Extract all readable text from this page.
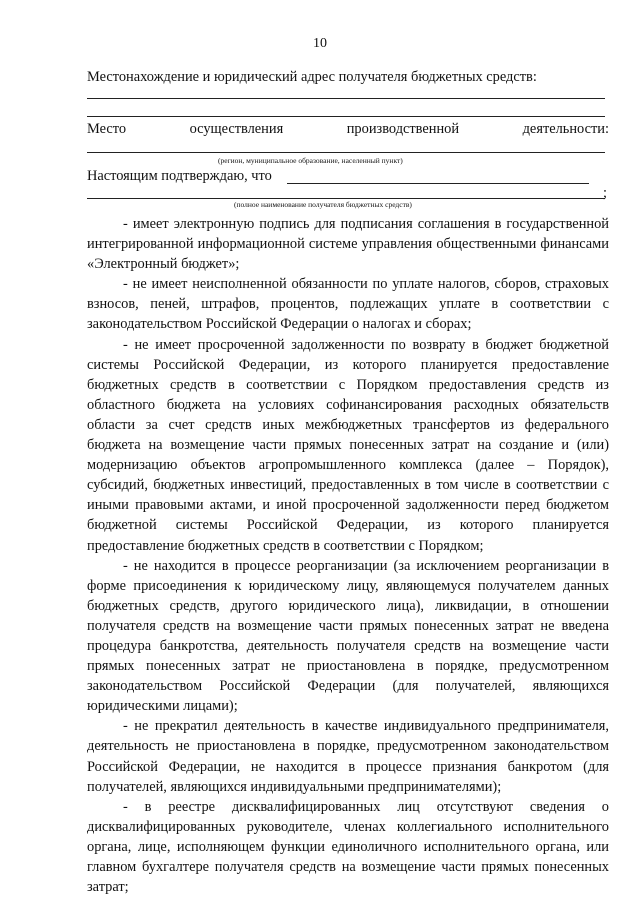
10
Местонахождение и юридический адрес получателя бюджетных средств:
Место	осуществления	производственной	деятельности:
(регион, муниципальное образование, населенный пункт)
Настоящим подтверждаю, что
;
(полное наименование получателя бюджетных средств)

- имеет электронную подпись для подписания соглашения в государственной интегрированной информационной системе управления общественными финансами «Электронный бюджет»;

- не имеет неисполненной обязанности по уплате налогов, сборов, страховых взносов, пеней, штрафов, процентов, подлежащих уплате в соответствии с законодательством Российской Федерации о налогах и сборах;

- не имеет просроченной задолженности по возврату в бюджет бюджетной системы Российской Федерации, из которого планируется предоставление бюджетных средств в соответствии с Порядком предоставления средств из областного бюджета на условиях софинансирования расходных обязательств области за счет средств иных межбюджетных трансфертов из федерального бюджета на возмещение части прямых понесенных затрат на создание и (или) модернизацию объектов агропромышленного комплекса (далее – Порядок), субсидий, бюджетных инвестиций, предоставленных в том числе в соответствии с иными правовыми актами, и иной просроченной задолженности перед бюджетом бюджетной системы Российской Федерации, из которого планируется предоставление бюджетных средств в соответствии с Порядком;

- не находится в процессе реорганизации (за исключением реорганизации в форме присоединения к юридическому лицу, являющемуся получателем данных бюджетных средств, другого юридического лица), ликвидации, в отношении получателя средств на возмещение части прямых понесенных затрат не введена процедура банкротства, деятельность получателя средств на возмещение части прямых понесенных затрат не приостановлена в порядке, предусмотренном законодательством Российской Федерации (для получателей, являющихся юридическими лицами);

- не прекратил деятельность в качестве индивидуального предпринимателя, деятельность не приостановлена в порядке, предусмотренном законодательством Российской Федерации, не находится в процессе признания банкротом (для получателей, являющихся индивидуальными предпринимателями);

- в реестре дисквалифицированных лиц отсутствуют сведения о дисквалифицированных руководителе, членах коллегиального исполнительного органа, лице, исполняющем функции единоличного исполнительного органа, или главном бухгалтере получателя средств на возмещение части прямых понесенных затрат;
